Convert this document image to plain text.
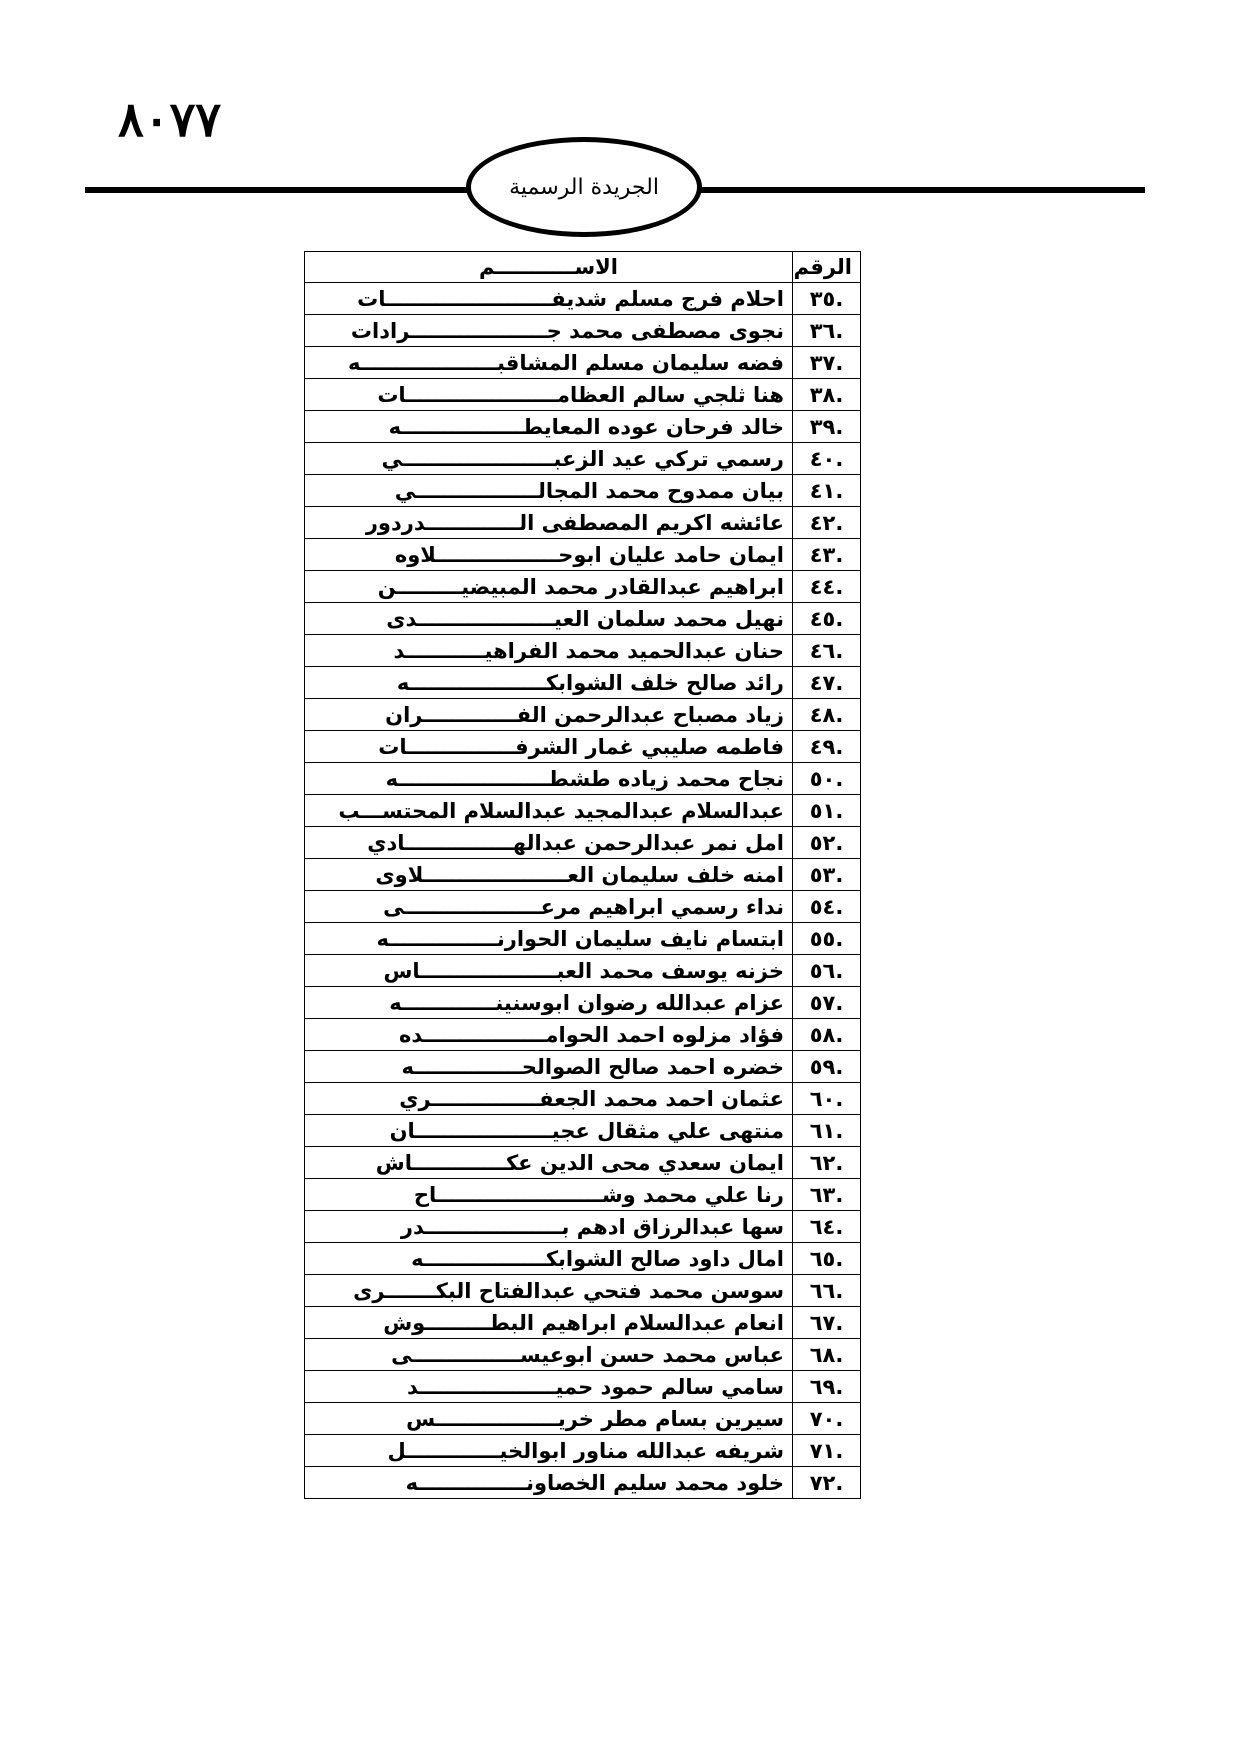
٨٠٧٧
الجريدة الرسمية
الرقم	الاســـــــــــم
.٣٥	احلام فرج مسلم شديفـــــــــــــــــــــــات
.٣٦	نجوى مصطفى محمد جـــــــــــــــــــرادات
.٣٧	فضه سليمان مسلم المشاقبـــــــــــــــــــه
.٣٨	هنا ثلجي سالم العظامـــــــــــــــــــــات
.٣٩	خالد فرحان عوده المعايطـــــــــــــــــه
.٤٠	رسمي تركي عيد الزعبـــــــــــــــــــــي
.٤١	بيان ممدوح محمد المجالـــــــــــــــــي
.٤٢	عائشه اكريم المصطفى الـــــــــــــدردور
.٤٣	ايمان حامد عليان ابوحـــــــــــــــــلاوه
.٤٤	ابراهيم عبدالقادر محمد المبيضيـــــــــن
.٤٥	نهيل محمد سلمان العيـــــــــــــــــــدى
.٤٦	حنان عبدالحميد محمد الفراهيـــــــــــد
.٤٧	رائد صالح خلف الشوابكـــــــــــــــــــه
.٤٨	زياد مصباح عبدالرحمن الفـــــــــــــران
.٤٩	فاطمه صليبي غمار الشرفـــــــــــــــات
.٥٠	نجاح محمد زياده طشطـــــــــــــــــــــه
.٥١	عبدالسلام عبدالمجيد عبدالسلام المحتســـب
.٥٢	امل نمر عبدالرحمن عبدالهـــــــــــــــادي
.٥٣	امنه خلف سليمان العــــــــــــــــــــلاوى
.٥٤	نداء رسمي ابراهيم مرعـــــــــــــــــــى
.٥٥	ابتسام نايف سليمان الحوارنـــــــــــــــه
.٥٦	خزنه يوسف محمد العبـــــــــــــــــــاس
.٥٧	عزام عبدالله رضوان ابوسنينـــــــــــــه
.٥٨	فؤاد مزلوه احمد الحوامـــــــــــــــــده
.٥٩	خضره احمد صالح الصوالحـــــــــــــــه
.٦٠	عثمان احمد محمد الجعفـــــــــــــــري
.٦١	منتهى علي مثقال عجيـــــــــــــــــــان
.٦٢	ايمان سعدي محى الدين عكـــــــــــــاش
.٦٣	رنا علي محمد وشـــــــــــــــــــــــاح
.٦٤	سها عبدالرزاق ادهم بـــــــــــــــــــدر
.٦٥	امال داود صالح الشوابكـــــــــــــــــه
.٦٦	سوسن محمد فتحي عبدالفتاح البكـــــــرى
.٦٧	انعام عبدالسلام ابراهيم البطـــــــــوش
.٦٨	عباس محمد حسن ابوعيســـــــــــــــى
.٦٩	سامي سالم حمود حميـــــــــــــــــــد
.٧٠	سيرين بسام مطر خريـــــــــــــــــس
.٧١	شريفه عبدالله مناور ابوالخيـــــــــــــل
.٧٢	خلود محمد سليم الخصاونـــــــــــــــه
